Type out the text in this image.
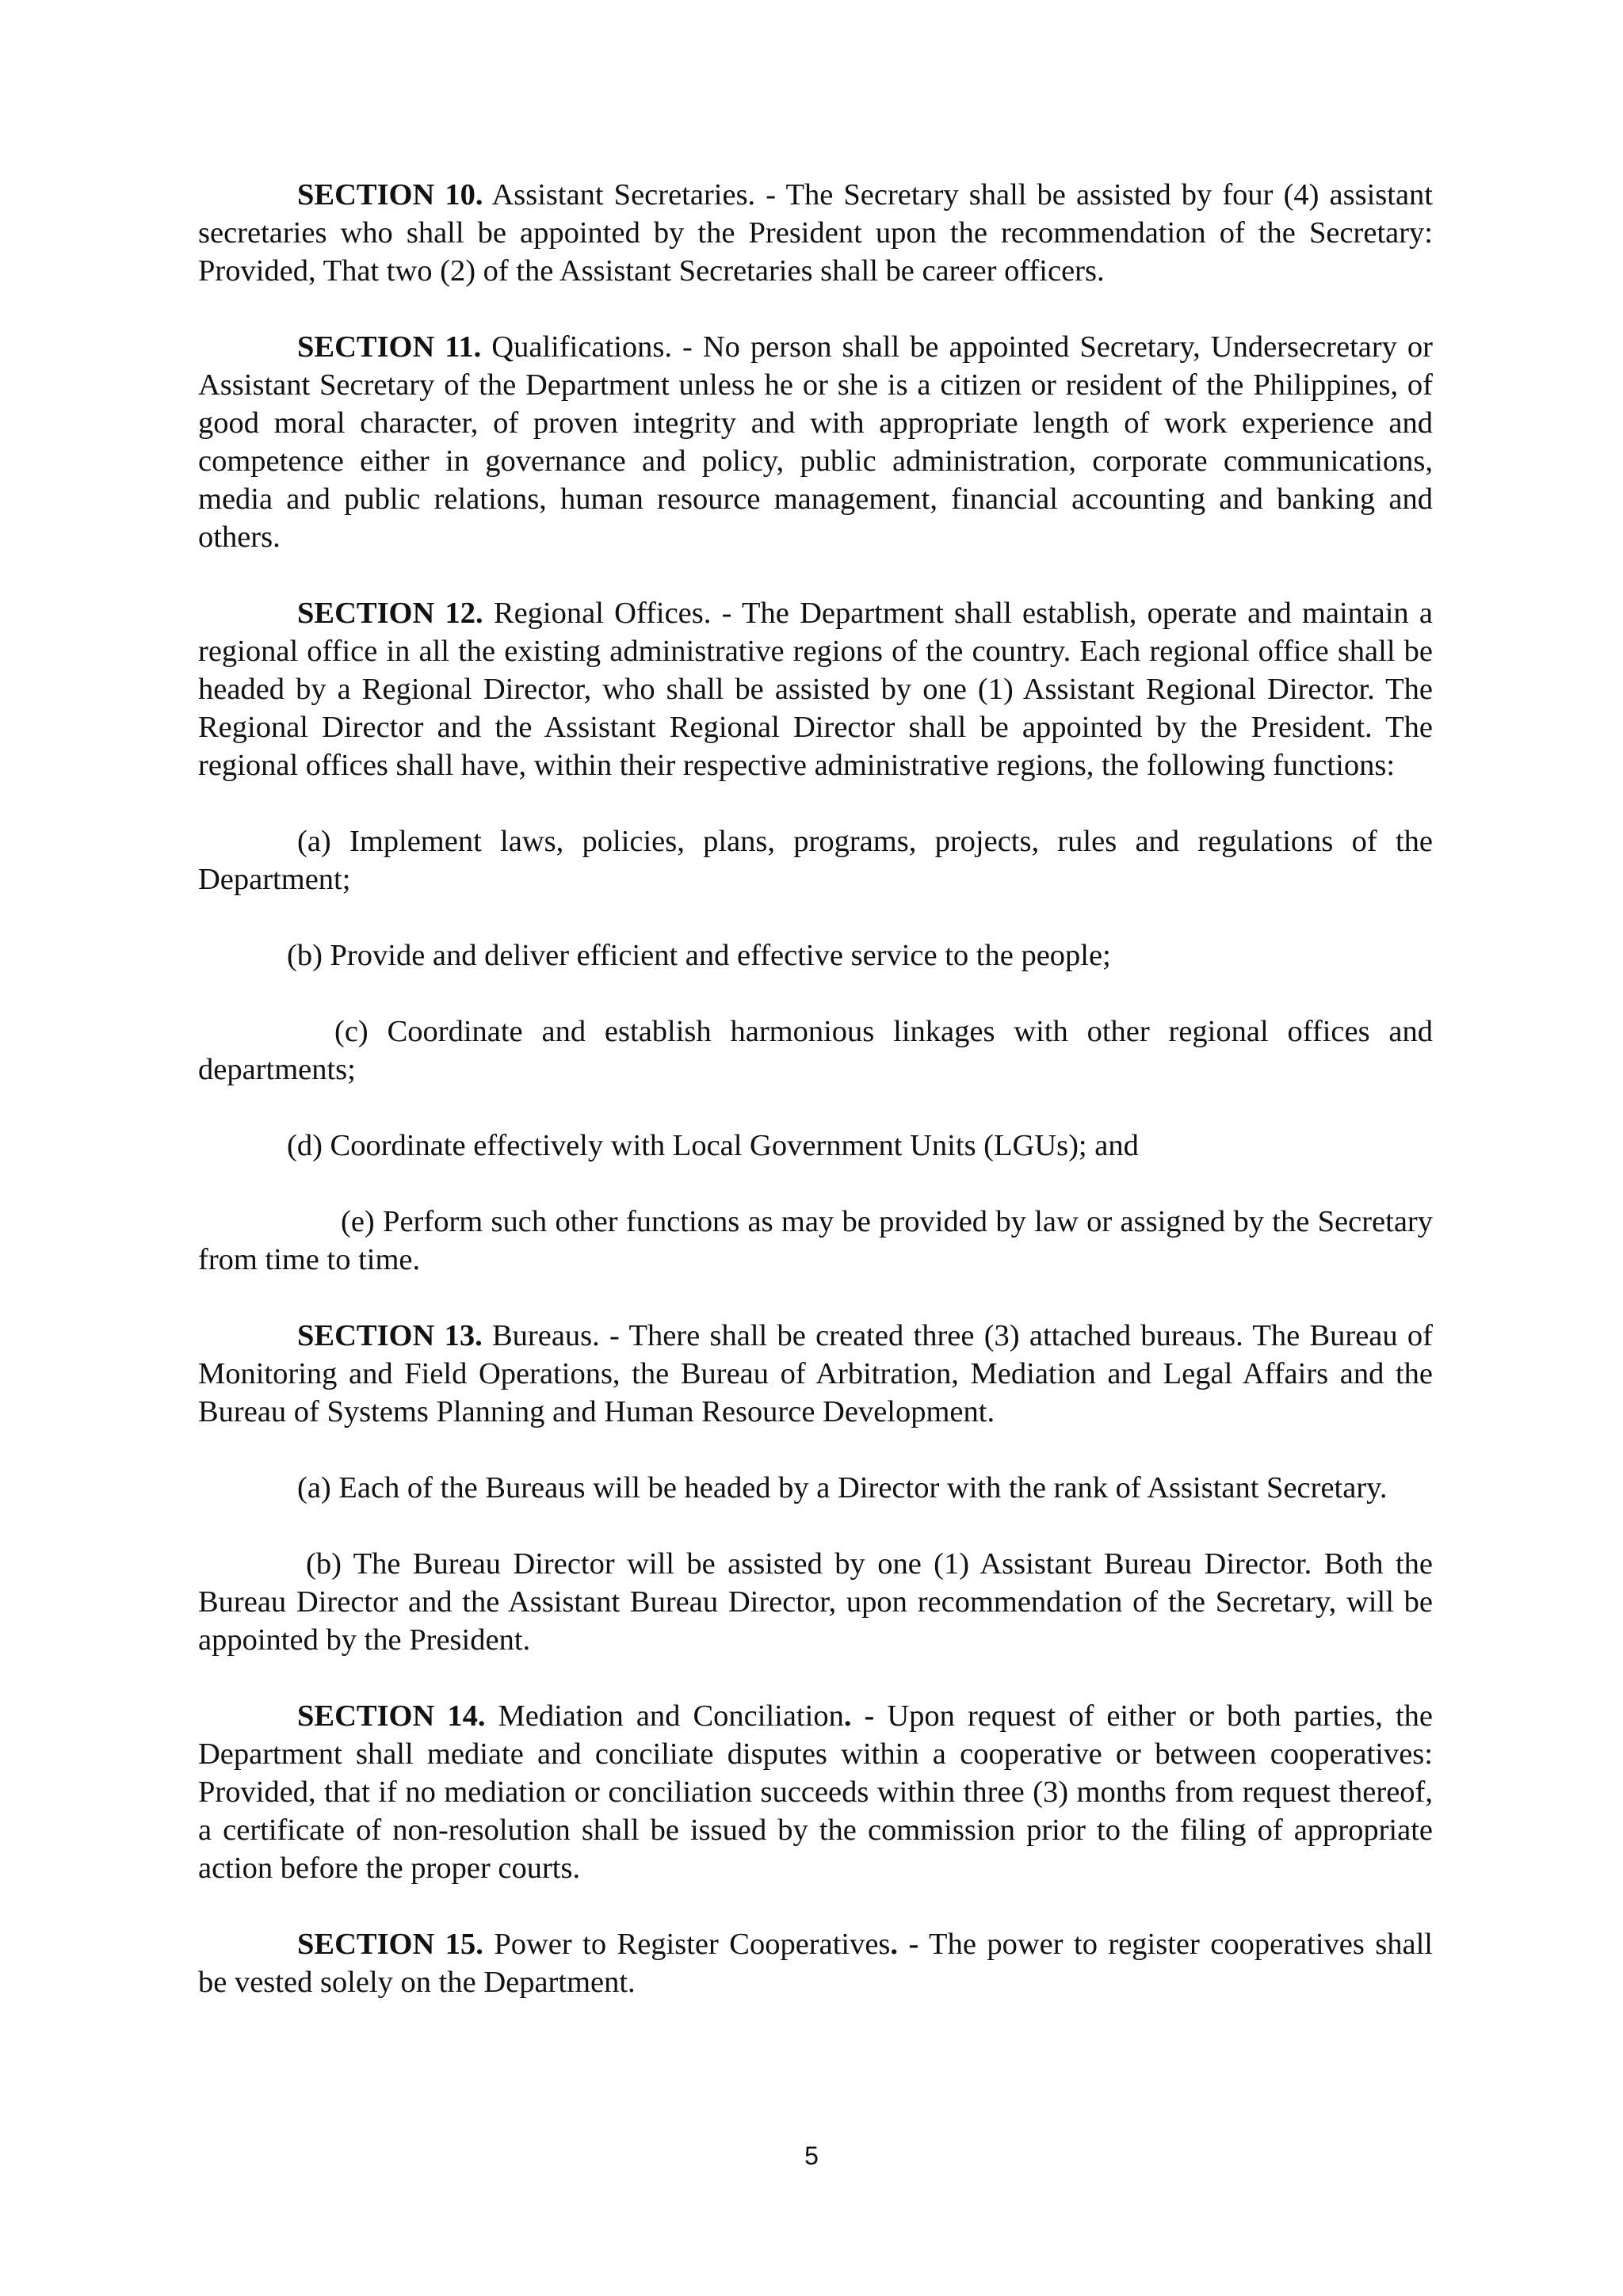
SECTION 10. Assistant Secretaries. - The Secretary shall be assisted by four (4) assistant secretaries who shall be appointed by the President upon the recommendation of the Secretary: Provided, That two (2) of the Assistant Secretaries shall be career officers.

SECTION 11. Qualifications. - No person shall be appointed Secretary, Undersecretary or Assistant Secretary of the Department unless he or she is a citizen or resident of the Philippines, of good moral character, of proven integrity and with appropriate length of work experience and competence either in governance and policy, public administration, corporate communications, media and public relations, human resource management, financial accounting and banking and others.

SECTION 12. Regional Offices. - The Department shall establish, operate and maintain a regional office in all the existing administrative regions of the country. Each regional office shall be headed by a Regional Director, who shall be assisted by one (1) Assistant Regional Director. The Regional Director and the Assistant Regional Director shall be appointed by the President. The regional offices shall have, within their respective administrative regions, the following functions:

(a) Implement laws, policies, plans, programs, projects, rules and regulations of the Department;

(b) Provide and deliver efficient and effective service to the people;

(c) Coordinate and establish harmonious linkages with other regional offices and departments;

(d) Coordinate effectively with Local Government Units (LGUs); and

(e) Perform such other functions as may be provided by law or assigned by the Secretary from time to time.

SECTION 13. Bureaus. - There shall be created three (3) attached bureaus. The Bureau of Monitoring and Field Operations, the Bureau of Arbitration, Mediation and Legal Affairs and the Bureau of Systems Planning and Human Resource Development.

(a) Each of the Bureaus will be headed by a Director with the rank of Assistant Secretary.

(b) The Bureau Director will be assisted by one (1) Assistant Bureau Director. Both the Bureau Director and the Assistant Bureau Director, upon recommendation of the Secretary, will be appointed by the President.

SECTION 14. Mediation and Conciliation. - Upon request of either or both parties, the Department shall mediate and conciliate disputes within a cooperative or between cooperatives: Provided, that if no mediation or conciliation succeeds within three (3) months from request thereof, a certificate of non-resolution shall be issued by the commission prior to the filing of appropriate action before the proper courts.

SECTION 15. Power to Register Cooperatives. - The power to register cooperatives shall be vested solely on the Department.

5
